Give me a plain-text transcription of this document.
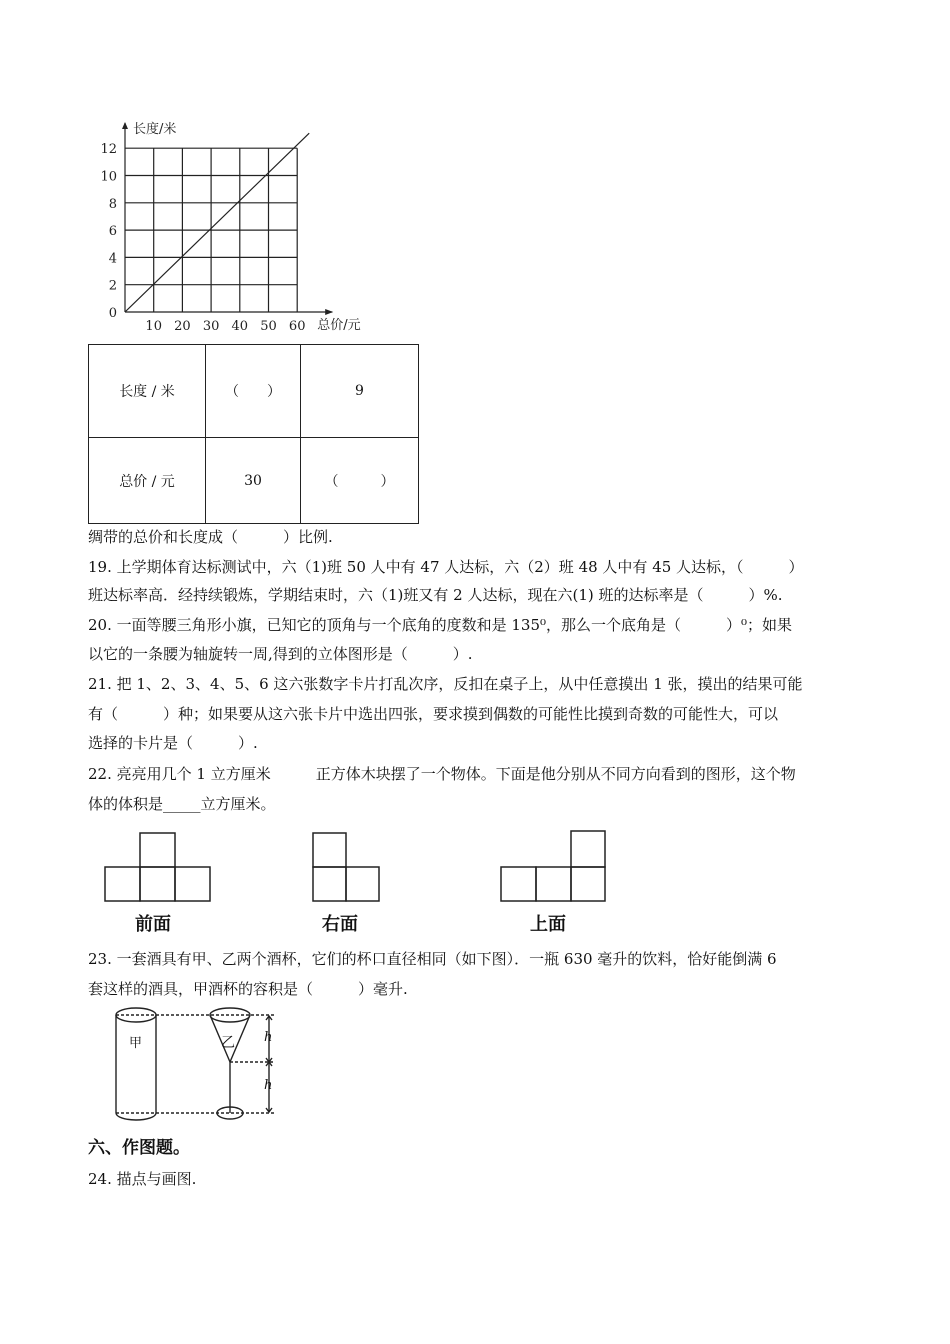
0
2
4
6
8
10
12
10 20 30 40 50 60
长度/米
总价/元
长度 / 米	（　　）	9
总价 / 元	30	（　　　）
绸带的总价和长度成（　　　）比例.
19. 上学期体育达标测试中，六（1)班 50 人中有 47 人达标，六（2）班 48 人中有 45 人达标，（　　　）
班达标率高．经持续锻炼，学期结束时，六（1)班又有 2 人达标，现在六(1) 班的达标率是（　　　）%.
20. 一面等腰三角形小旗，已知它的顶角与一个底角的度数和是 135⁰，那么一个底角是（　　　）⁰；如果
以它的一条腰为轴旋转一周,得到的立体图形是（　　　）.
21. 把 1、2、3、4、5、6 这六张数字卡片打乱次序，反扣在桌子上，从中任意摸出 1 张，摸出的结果可能
有（　　　）种；如果要从这六张卡片中选出四张，要求摸到偶数的可能性比摸到奇数的可能性大，可以
选择的卡片是（　　　）.
22. 亮亮用几个 1 立方厘米　　　正方体木块摆了一个物体。下面是他分别从不同方向看到的图形，这个物
体的体积是_____立方厘米。
前面	右面	上面
23. 一套酒具有甲、乙两个酒杯，它们的杯口直径相同（如下图）．一瓶 630 毫升的饮料，恰好能倒满 6
套这样的酒具，甲酒杯的容积是（　　　）毫升.
甲	乙 h
h
六、作图题。
24. 描点与画图.
